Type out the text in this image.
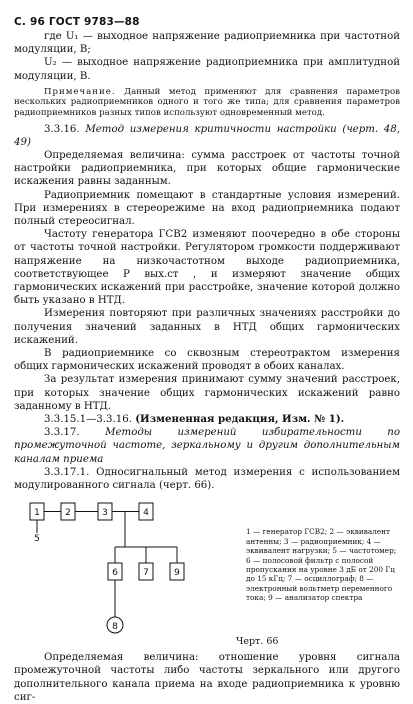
С. 96 ГОСТ 9783—88

где U₁ — выходное напряжение радиоприемника при частотной модуляции, В;

U₂ — выходное напряжение радиоприемника при амплитудной модуляции, В.

Примечание. Данный метод применяют для сравнения параметров нескольких радиоприемников одного и того же типа; для сравнения параметров радиоприемников разных типов используют одновременный метод.

3.3.16. Метод измерения критичности настройки (черт. 48, 49)

Определяемая величина: сумма расстроек от частоты точной настройки радиоприемника, при которых общие гармонические искажения равны заданным.

Радиоприемник помещают в стандартные условия измерений. При измерениях в стереорежиме на вход радиоприемника подают полный стереосигнал.

Частоту генератора ГСВ2 изменяют поочередно в обе стороны от частоты точной настройки. Регулятором громкости поддерживают напряжение на низкочастотном выходе радиоприемника, соответствующее P вых.ст , и измеряют значение общих гармонических искажений при расстройке, значение которой должно быть указано в НТД.

Измерения повторяют при различных значениях расстройки до получения значений заданных в НТД общих гармонических искажений.

В радиоприемнике со сквозным стереотрактом измерения общих гармонических искажений проводят в обоих каналах.

За результат измерения принимают сумму значений расстроек, при которых значение общих гармонических искажений равно заданному в НТД.

3.3.15.1—3.3.16. (Измененная редакция, Изм. № 1).

3.3.17. Методы измерений избирательности по промежуточной частоте, зеркальному и другим дополнительным каналам приема

3.3.17.1. Односигнальный метод измерения с использованием модулированного сигнала (черт. 66).

1	2	3	4
5
6	7
8
9
1 — генератор ГСВ2; 2 — эквивалент антенны; 3 — радиоприемник; 4 — эквивалент нагрузки; 5 — частотомер; 6 — полосовой фильтр с полосой пропускания на уровне 3 дБ от 200 Гц до 15 кГц; 7 — осциллограф; 8 — электронный вольтметр переменного тока; 9 — анализатор спектра
Черт. 66

Определяемая величина: отношение уровня сигнала промежуточной частоты либо частоты зеркального или другого дополнительного канала приема на входе радиоприемника к уровню сиг-
